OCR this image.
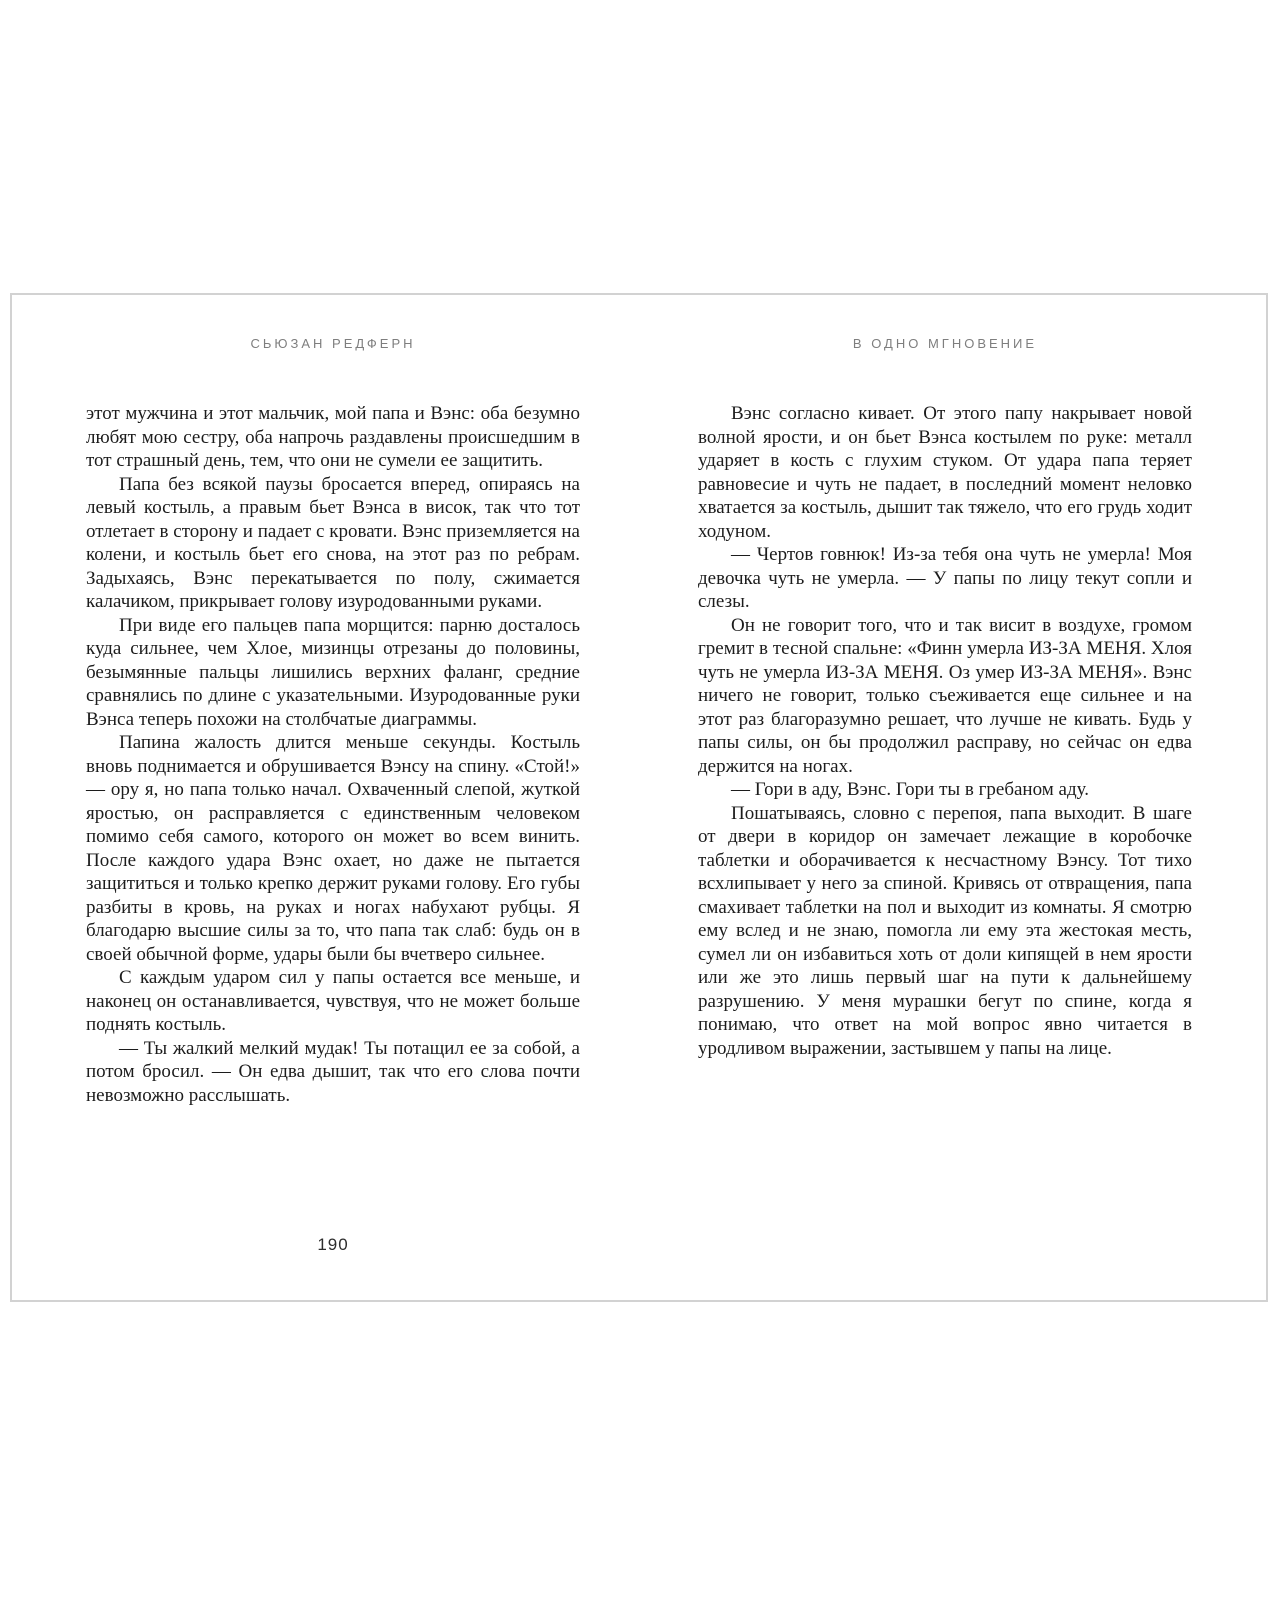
СЬЮЗАН РЕДФЕРН	В ОДНО МГНОВЕНИЕ

этот мужчина и этот мальчик, мой папа и Вэнс: оба безумно любят мою сестру, оба напрочь раздавлены происшедшим в тот страшный день, тем, что они не сумели ее защитить.

Папа без всякой паузы бросается вперед, опираясь на левый костыль, а правым бьет Вэнса в висок, так что тот отлетает в сторону и падает с кровати. Вэнс приземляется на колени, и костыль бьет его снова, на этот раз по ребрам. Задыхаясь, Вэнс перекатывается по полу, сжимается калачиком, прикрывает голову изуродованными руками.

При виде его пальцев папа морщится: парню досталось куда сильнее, чем Хлое, мизинцы отрезаны до половины, безымянные пальцы лишились верхних фаланг, средние сравнялись по длине с указательными. Изуродованные руки Вэнса теперь похожи на столбчатые диаграммы.

Папина жалость длится меньше секунды. Костыль вновь поднимается и обрушивается Вэнсу на спину. «Стой!» — ору я, но папа только начал. Охваченный слепой, жуткой яростью, он расправляется с единственным человеком помимо себя самого, которого он может во всем винить. После каждого удара Вэнс охает, но даже не пытается защититься и только крепко держит руками голову. Его губы разбиты в кровь, на руках и ногах набухают рубцы. Я благодарю высшие силы за то, что папа так слаб: будь он в своей обычной форме, удары были бы вчетверо сильнее.

С каждым ударом сил у папы остается все меньше, и наконец он останавливается, чувствуя, что не может больше поднять костыль.

— Ты жалкий мелкий мудак! Ты потащил ее за собой, а потом бросил. — Он едва дышит, так что его слова почти невозможно расслышать.

Вэнс согласно кивает. От этого папу накрывает новой волной ярости, и он бьет Вэнса костылем по руке: металл ударяет в кость с глухим стуком. От удара папа теряет равновесие и чуть не падает, в последний момент неловко хватается за костыль, дышит так тяжело, что его грудь ходит ходуном.

— Чертов говнюк! Из-за тебя она чуть не умерла! Моя девочка чуть не умерла. — У папы по лицу текут сопли и слезы.

Он не говорит того, что и так висит в воздухе, громом гремит в тесной спальне: «Финн умерла ИЗ-ЗА МЕНЯ. Хлоя чуть не умерла ИЗ-ЗА МЕНЯ. Оз умер ИЗ-ЗА МЕНЯ». Вэнс ничего не говорит, только съеживается еще сильнее и на этот раз благоразумно решает, что лучше не кивать. Будь у папы силы, он бы продолжил расправу, но сейчас он едва держится на ногах.

— Гори в аду, Вэнс. Гори ты в гребаном аду.

Пошатываясь, словно с перепоя, папа выходит. В шаге от двери в коридор он замечает лежащие в коробочке таблетки и оборачивается к несчастному Вэнсу. Тот тихо всхлипывает у него за спиной. Кривясь от отвращения, папа смахивает таблетки на пол и выходит из комнаты. Я смотрю ему вслед и не знаю, помогла ли ему эта жестокая месть, сумел ли он избавиться хоть от доли кипящей в нем ярости или же это лишь первый шаг на пути к дальнейшему разрушению. У меня мурашки бегут по спине, когда я понимаю, что ответ на мой вопрос явно читается в уродливом выражении, застывшем у папы на лице.

190
